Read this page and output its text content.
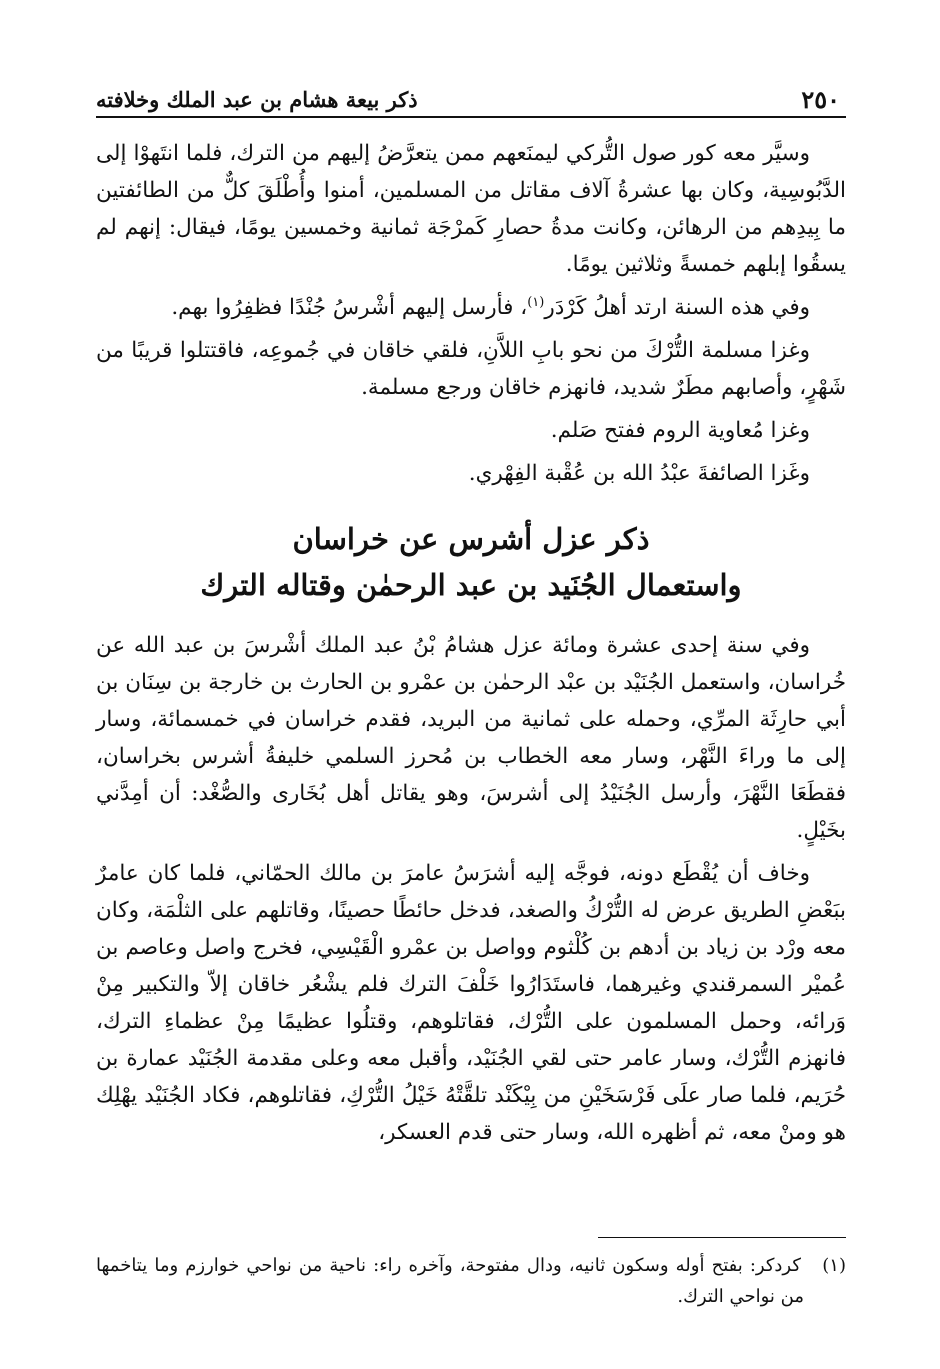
٢٥٠
ذكر بيعة هشام بن عبد الملك وخلافته

وسيَّر معه كور صول التُّركي ليمنَعهم ممن يتعرَّضُ إليهم من الترك، فلما انتَهوْا إلى الدَّبُوسِية، وكان بها عشرةُ آلاف مقاتل من المسلمين، أمنوا وأُطْلَقَ كلٌّ من الطائفتين ما بِيدِهم من الرهائن، وكانت مدةُ حصارِ كَمرْجَة ثمانية وخمسين يومًا، فيقال: إنهم لم يسقُوا إبلهم خمسةً وثلاثين يومًا.

وفي هذه السنة ارتد أهلُ كَرْدَر$^{(١)}$، فأرسل إليهم أشْرسُ جُنْدًا فظفِرُوا بهم.

وغزا مسلمة التُّرْكَ من نحو بابِ اللاَّنِ، فلقي خاقان في جُموعِه، فاقتتلوا قريبًا من شَهْرٍ، وأصابهم مطَرٌ شديد، فانهزم خاقان ورجع مسلمة.

وغزا مُعاوية الروم ففتح صَلم.

وغَزا الصائفةَ عبْدُ الله بن عُقْبة الفِهْري.

ذكر عزل أشرس عن خراسان
واستعمال الجُنَيد بن عبد الرحمٰن وقتاله الترك

وفي سنة إحدى عشرة ومائة عزل هشامُ بْنُ عبد الملك أشْرسَ بن عبد الله عن خُراسان، واستعمل الجُنَيْد بن عبْد الرحمٰن بن عمْرو بن الحارث بن خارجة بن سِنَان بن أبي حارِثَة المرِّي، وحمله على ثمانية من البريد، فقدم خراسان في خمسمائة، وسار إلى ما وراءَ النَّهْر، وسار معه الخطاب بن مُحرز السلمي خليفةُ أشرس بخراسان، فقطَعَا النَّهْرَ، وأرسل الجُنَيْدُ إلى أشرسَ، وهو يقاتل أهل بُخَارى والصُّغْد: أن أمِدَّني بخَيْلٍ.

وخاف أن يُقْطَع دونه، فوجَّه إليه أشرَسُ عامرَ بن مالك الحمّاني، فلما كان عامرٌ ببَعْضِ الطريق عرض له التُّرْكُ والصغد، فدخل حائطًا حصينًا، وقاتلهم على الثلْمَة، وكان معه ورْد بن زياد بن أدهم بن كُلْثوم وواصل بن عمْرو الْقَيْسِي، فخرج واصل وعاصم بن عُميْر السمرقندي وغيرهما، فاستَدَارُوا خَلْفَ الترك فلم يشْعُر خاقان إلاّ والتكبير مِنْ وَرائه، وحمل المسلمون على التُّرْك، فقاتلوهم، وقتلُوا عظيمًا مِنْ عظماءِ الترك، فانهزم التُّرْك، وسار عامر حتى لقي الجُنَيْد، وأقبل معه وعلى مقدمة الجُنَيْد عمارة بن حُرَيم، فلما صار علَى فَرْسَخَيْنِ من بِيْكَنْد تلقَّتْهُ خَيْلُ التُّرْكِ، فقاتلوهم، فكاد الجُنَيْد يهْلِك هو ومنْ معه، ثم أظهره الله، وسار حتى قدم العسكر،

(١)   كردكر: بفتح أوله وسكون ثانيه، ودال مفتوحة، وآخره راء: ناحية من نواحي خوارزم وما يتاخمها من نواحي الترك.
